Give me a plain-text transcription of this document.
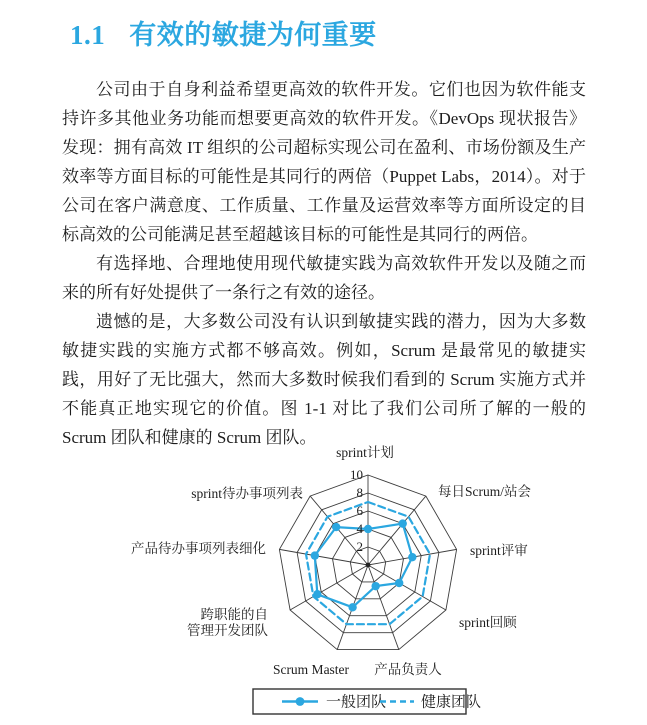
1.1 有效的敏捷为何重要

公司由于自身利益希望更高效的软件开发。它们也因为软件能支持许多其他业务功能而想要更高效的软件开发。《DevOps 现状报告》发现：拥有高效 IT 组织的公司超标实现公司在盈利、市场份额及生产效率等方面目标的可能性是其同行的两倍（Puppet Labs，2014）。对于公司在客户满意度、工作质量、工作量及运营效率等方面所设定的目标高效的公司能满足甚至超越该目标的可能性是其同行的两倍。

有选择地、合理地使用现代敏捷实践为高效软件开发以及随之而来的所有好处提供了一条行之有效的途径。

遗憾的是，大多数公司没有认识到敏捷实践的潜力，因为大多数敏捷实践的实施方式都不够高效。例如，Scrum 是最常见的敏捷实践，用好了无比强大，然而大多数时候我们看到的 Scrum 实施方式并不能真正地实现它的价值。图 1-1 对比了我们公司所了解的一般的 Scrum 团队和健康的 Scrum 团队。

2
4
6
8
10
sprint计划
每日Scrum/站会
sprint评审
sprint回顾
产品负责人
Scrum Master
跨职能的自管理开发团队
产品待办事项列表细化
sprint待办事项列表
一般团队 健康团队
